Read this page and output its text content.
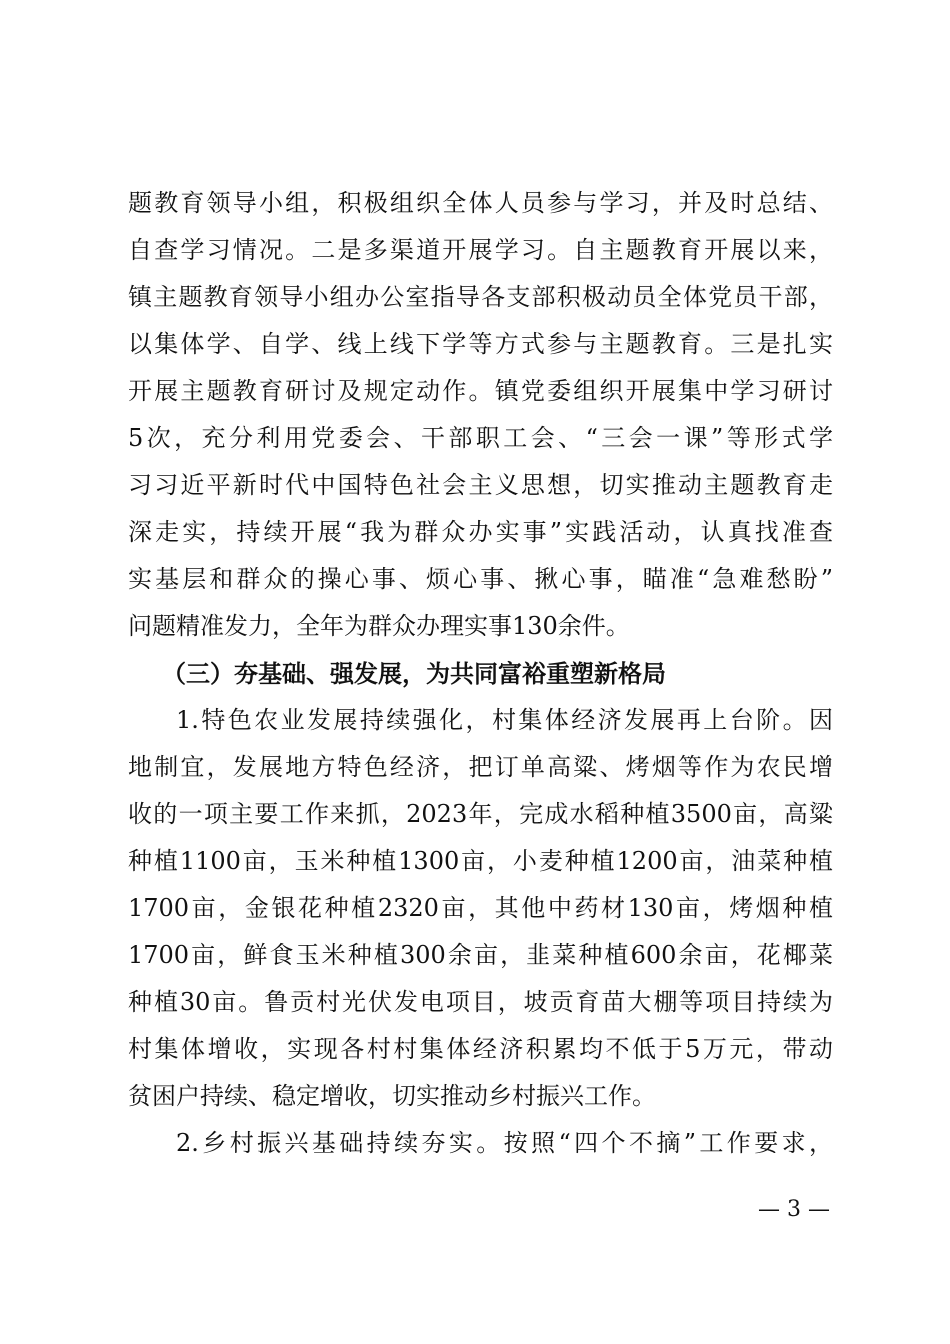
题教育领导小组，积极组织全体人员参与学习，并及时总结、
自查学习情况。二是多渠道开展学习。自主题教育开展以来，
镇主题教育领导小组办公室指导各支部积极动员全体党员干部，
以集体学、自学、线上线下学等方式参与主题教育。三是扎实
开展主题教育研讨及规定动作。镇党委组织开展集中学习研讨
5次，充分利用党委会、干部职工会、“三会一课”等形式学
习习近平新时代中国特色社会主义思想，切实推动主题教育走
深走实，持续开展“我为群众办实事”实践活动，认真找准查
实基层和群众的操心事、烦心事、揪心事，瞄准“急难愁盼”
问题精准发力，全年为群众办理实事130余件。
（三）夯基础、强发展，为共同富裕重塑新格局
1.特色农业发展持续强化，村集体经济发展再上台阶。因
地制宜，发展地方特色经济，把订单高粱、烤烟等作为农民增
收的一项主要工作来抓，2023年，完成水稻种植3500亩，高粱
种植1100亩，玉米种植1300亩，小麦种植1200亩，油菜种植
1700亩，金银花种植2320亩，其他中药材130亩，烤烟种植
1700亩，鲜食玉米种植300余亩，韭菜种植600余亩，花椰菜
种植30亩。鲁贡村光伏发电项目，坡贡育苗大棚等项目持续为
村集体增收，实现各村村集体经济积累均不低于5万元，带动
贫困户持续、稳定增收，切实推动乡村振兴工作。
2.乡村振兴基础持续夯实。按照“四个不摘”工作要求，
— 3 —
